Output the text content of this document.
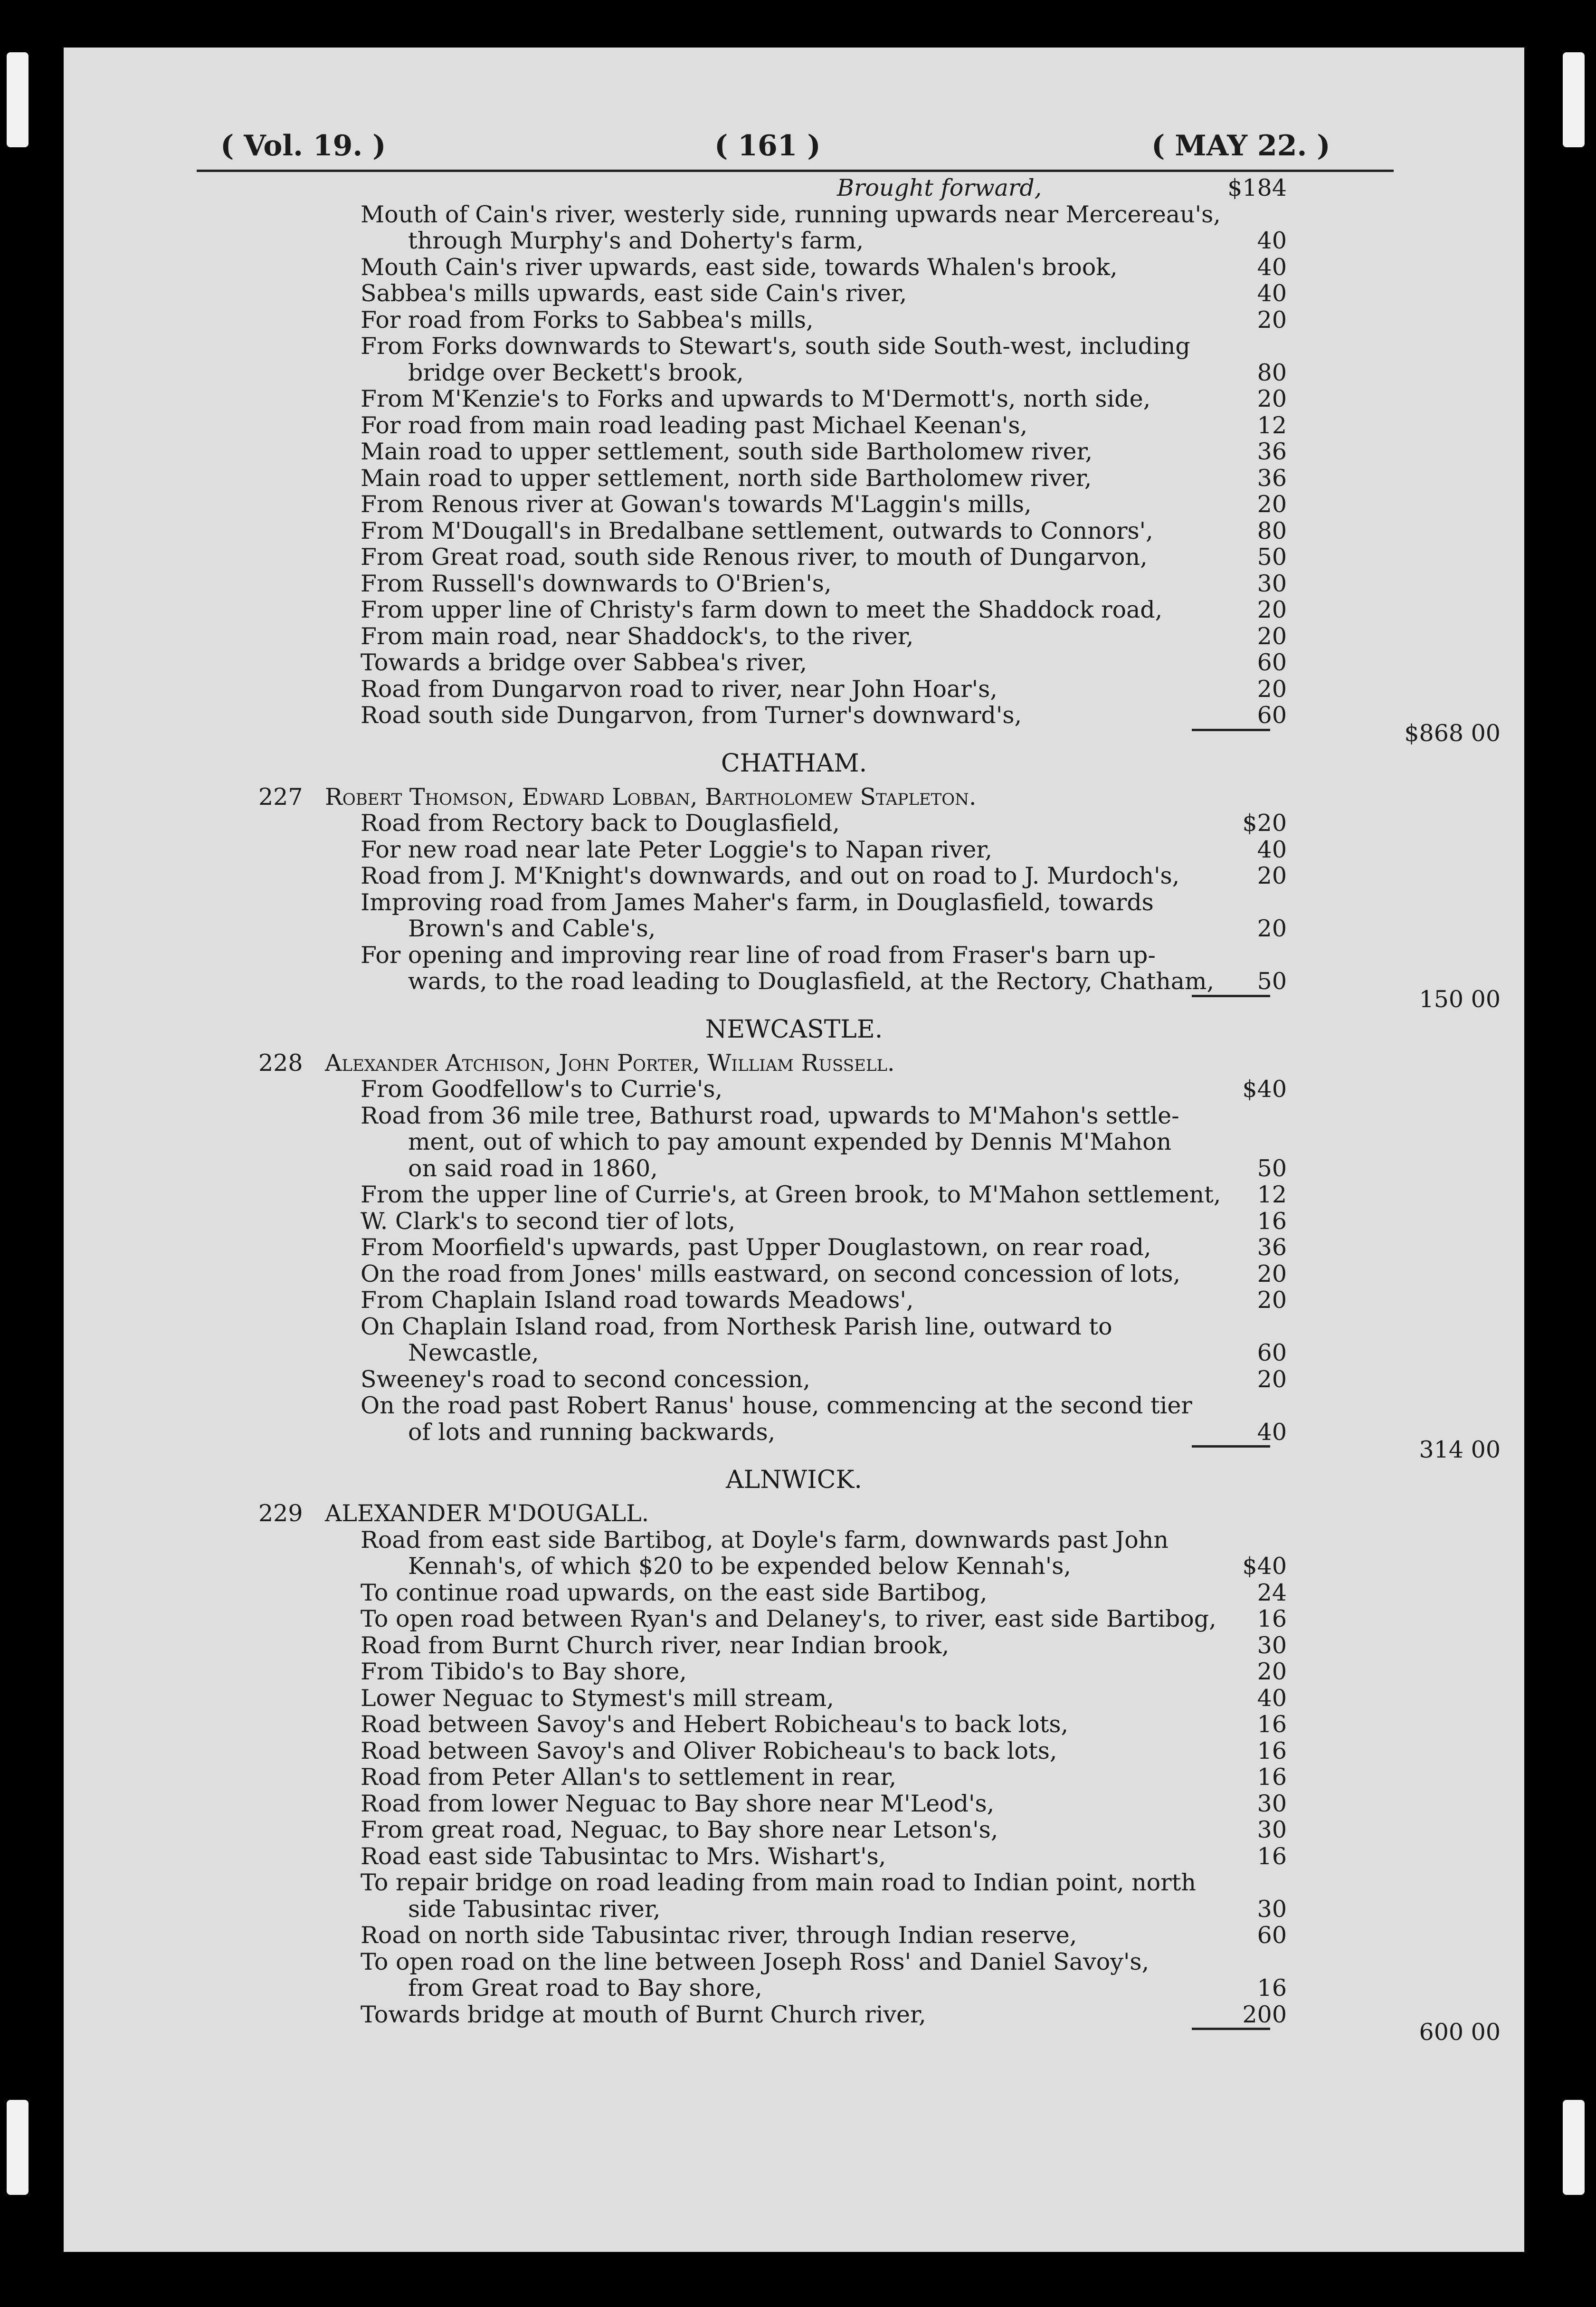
( Vol. 19. )	( 161 )	( MAY 22. )
Brought forward,	$184
Mouth of Cain's river, westerly side, running upwards near Mercereau's,
through Murphy's and Doherty's farm,	40
Mouth Cain's river upwards, east side, towards Whalen's brook,	40
Sabbea's mills upwards, east side Cain's river,	40
For road from Forks to Sabbea's mills,	20
From Forks downwards to Stewart's, south side South-west, including
bridge over Beckett's brook,	80
From M'Kenzie's to Forks and upwards to M'Dermott's, north side,	20
For road from main road leading past Michael Keenan's,	12
Main road to upper settlement, south side Bartholomew river,	36
Main road to upper settlement, north side Bartholomew river,	36
From Renous river at Gowan's towards M'Laggin's mills,	20
From M'Dougall's in Bredalbane settlement, outwards to Connors',	80
From Great road, south side Renous river, to mouth of Dungarvon,	50
From Russell's downwards to O'Brien's,	30
From upper line of Christy's farm down to meet the Shaddock road,	20
From main road, near Shaddock's, to the river,	20
Towards a bridge over Sabbea's river,	60
Road from Dungarvon road to river, near John Hoar's,	20
Road south side Dungarvon, from Turner's downward's,	60
$868 00
CHATHAM.
227 Robert Thomson, Edward Lobban, Bartholomew Stapleton.
Road from Rectory back to Douglasfield,	$20
For new road near late Peter Loggie's to Napan river,	40
Road from J. M'Knight's downwards, and out on road to J. Murdoch's,	20
Improving road from James Maher's farm, in Douglasfield, towards
Brown's and Cable's,	20
For opening and improving rear line of road from Fraser's barn up-
wards, to the road leading to Douglasfield, at the Rectory, Chatham,	50
150 00
NEWCASTLE.
228 Alexander Atchison, John Porter, William Russell.
From Goodfellow's to Currie's,	$40
Road from 36 mile tree, Bathurst road, upwards to M'Mahon's settle-
ment, out of which to pay amount expended by Dennis M'Mahon
on said road in 1860,	50
From the upper line of Currie's, at Green brook, to M'Mahon settlement,	12
W. Clark's to second tier of lots,	16
From Moorfield's upwards, past Upper Douglastown, on rear road,	36
On the road from Jones' mills eastward, on second concession of lots,	20
From Chaplain Island road towards Meadows',	20
On Chaplain Island road, from Northesk Parish line, outward to
Newcastle,	60
Sweeney's road to second concession,	20
On the road past Robert Ranus' house, commencing at the second tier
of lots and running backwards,	40
314 00
ALNWICK.
229 ALEXANDER M'DOUGALL.
Road from east side Bartibog, at Doyle's farm, downwards past John
Kennah's, of which $20 to be expended below Kennah's,	$40
To continue road upwards, on the east side Bartibog,	24
To open road between Ryan's and Delaney's, to river, east side Bartibog,	16
Road from Burnt Church river, near Indian brook,	30
From Tibido's to Bay shore,	20
Lower Neguac to Stymest's mill stream,	40
Road between Savoy's and Hebert Robicheau's to back lots,	16
Road between Savoy's and Oliver Robicheau's to back lots,	16
Road from Peter Allan's to settlement in rear,	16
Road from lower Neguac to Bay shore near M'Leod's,	30
From great road, Neguac, to Bay shore near Letson's,	30
Road east side Tabusintac to Mrs. Wishart's,	16
To repair bridge on road leading from main road to Indian point, north
side Tabusintac river,	30
Road on north side Tabusintac river, through Indian reserve,	60
To open road on the line between Joseph Ross' and Daniel Savoy's,
from Great road to Bay shore,	16
Towards bridge at mouth of Burnt Church river,	200
600 00
